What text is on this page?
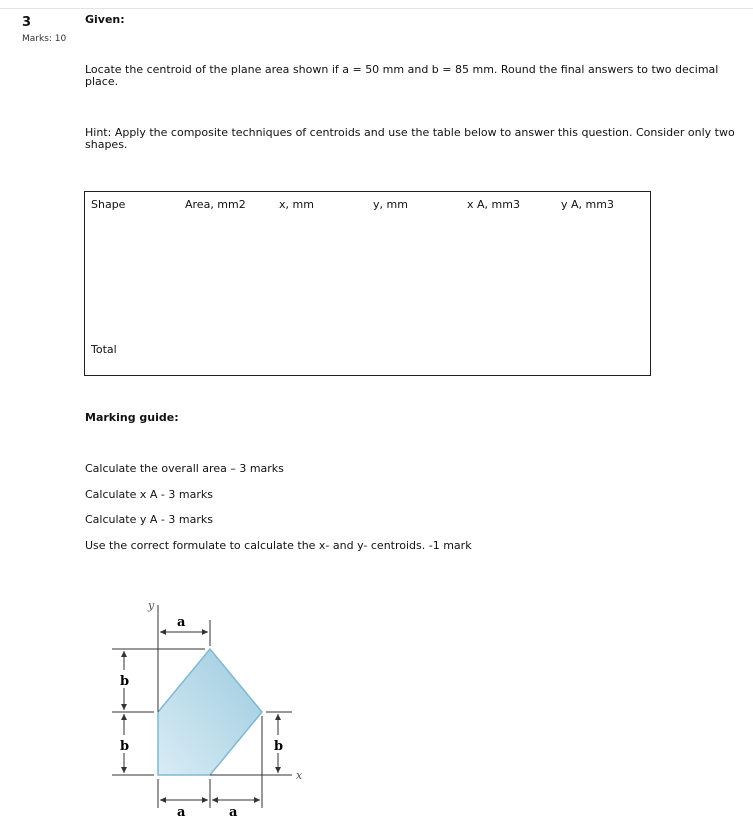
3
Marks: 10
Given:
Locate the centroid of the plane area shown if a = 50 mm and b = 85 mm. Round the final answers to two decimal
place.
Hint: Apply the composite techniques of centroids and use the table below to answer this question. Consider only two
shapes.
Shape	Area, mm2	x, mm	y, mm	x A, mm3	y A, mm3
Total
Marking guide:
Calculate the overall area – 3 marks
Calculate x A - 3 marks
Calculate y A - 3 marks
Use the correct formulate to calculate the x- and y- centroids. -1 mark
y
x
a
b
b	b
a	a
